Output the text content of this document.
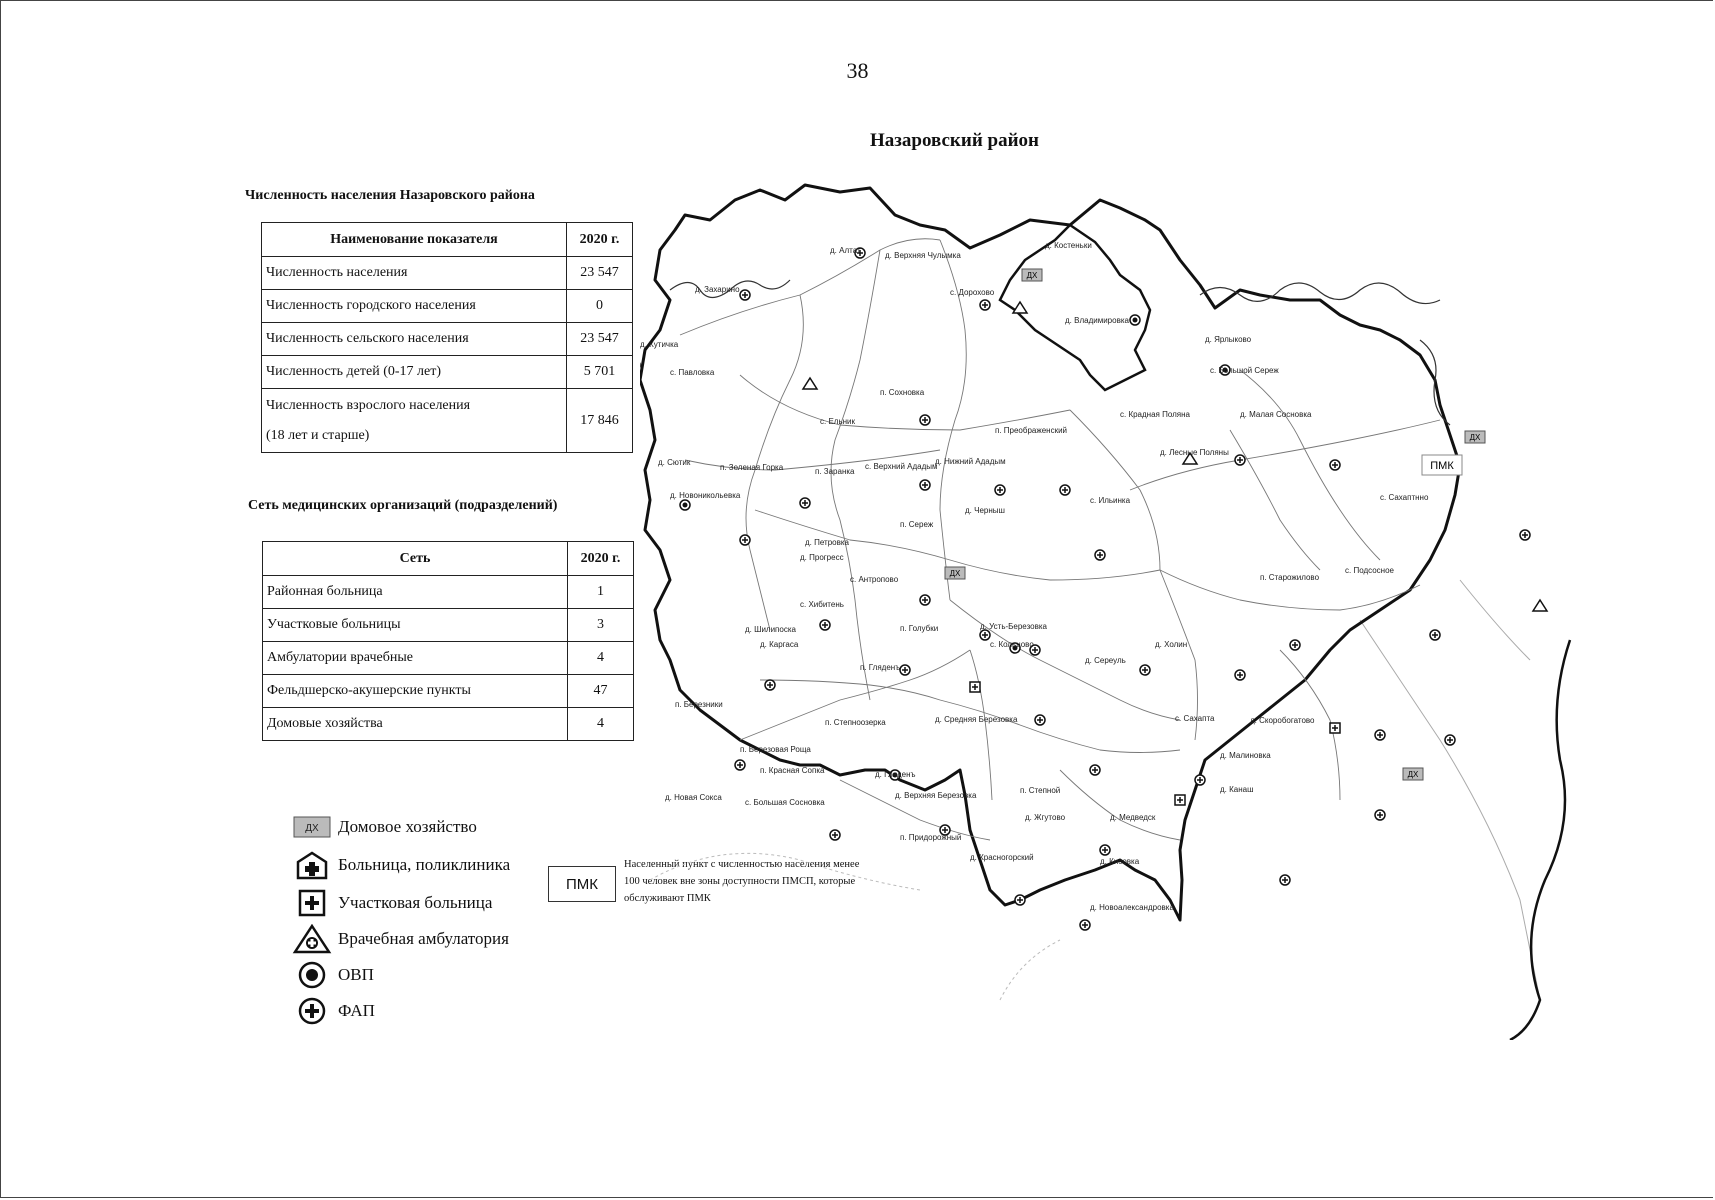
38
Назаровский район
Численность населения Назаровского района
Наименование показателя	2020 г.
Численность населения	23 547
Численность городского населения	0
Численность сельского населения	23 547
Численность детей (0-17 лет)	5 701
Численность взрослого населения
(18 лет и старше)	17 846
Сеть медицинских организаций (подразделений)
Сеть	2020 г.
Районная больница	1
Участковые больницы	3
Амбулатории врачебные	4
Фельдшерско-акушерские пункты	47
Домовые хозяйства	4
ДХ Домовое хозяйство
Больница, поликлиника
Участковая больница
Врачебная амбулатория
ОВП
ФАП
ПМК
Населенный пункт с численностью населения менее 100 человек вне зоны доступности ПМСП, которые обслуживают ПМК
ДХ
ДХ
ДХ
ДХ
ПМК
д. Алтат
д. Верхняя Чулымка
д. Костеньки
д. Захарино	с. Дорохово
д. Владимировка
д. Кутичка
с. Павловка
д. Ярлыково
с. Большой Сереж
п. Сохновка
с. Ельник
п. Преображенский
с. Крадная Поляна	д. Малая Сосновка
д. Сютик
п. Зеленая Горка	п. Заранка
д. Нижний Ададым
с. Верхний Ададым
д. Лесные Поляны
д. Новоникольевка
с. Ильинка	с. Сахаптнно
д. Черныш
п. Сереж
д. Петровка
д. Прогресс
с. Антропово	п. Старожилово
с. Подсосное
с. Хибитень
д. Шилипоска
д. Каргаса
п. Голубки	д. Усть-Березовка
с. Кольцово
д. Сереуль
д. Холин
п. Гляденъ
п. Березники
п. Степноозерка	д. Средняя Березовка	с. Сахапта	д. Скоробогатово
п. Березовая Роща
п. Красная Сопка	д. Гляденъ
д. Малиновка
д. Новая Сокса
с. Большая Сосновка
д. Верхняя Березовка
п. Степной	д. Канаш
д. Жгутово	д. Медведск
п. Придорожный
д. Красногорский	д. Кисовка
д. Новоалександровка
